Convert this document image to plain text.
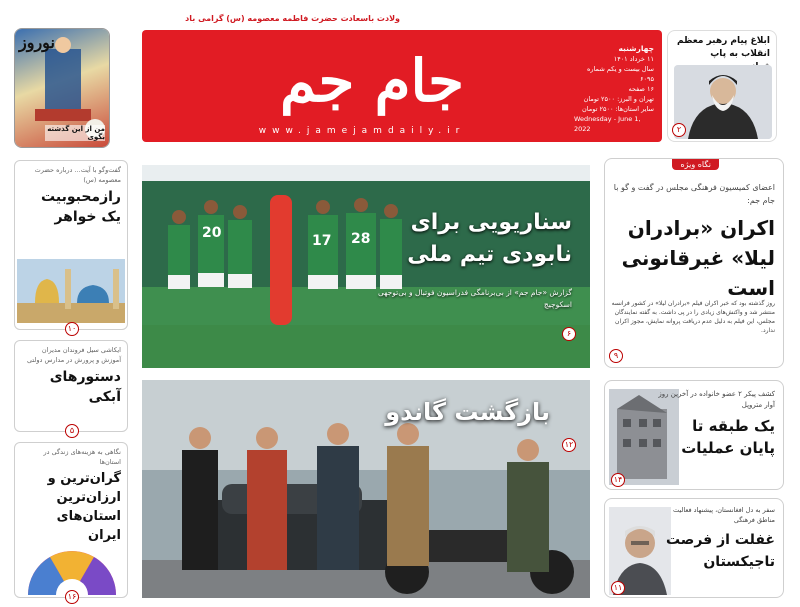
ولادت باسعادت حضرت فاطمه معصومه (س) گرامی باد
جام جم
www.jamejamdaily.ir
چهارشنبه
۱۱ خرداد ۱۴۰۱
سال بیست و یکم شماره ۶۰۹۵
۱۶ صفحه
تهران و البرز: ۲۵۰۰ تومان
سایر استان‌ها: ۲۵۰۰ تومان
Wednesday - June 1, 2022
ابلاغ پیام رهبر معظم انقلاب به پاپ
۲
نوروز
من از این گذشته بگوی
گفت‌وگو با آیت... درباره حضرت معصومه (س)
رازمحبوبیت یک خواهر
۱۰
ایکاشی سیل فروندان مدیران آموزش و پرورش در مدارس دولتی
دستورهای آبکی
۵
نگاهی به هزینه‌های زندگی در استان‌ها
گران‌ترین و ارزان‌ترین استان‌های ایران
۱۶
17 28
20	سناریویی برای نابودی تیم ملی
گزارش «جام جم» از بی‌برنامگی فدراسیون فوتبال و بی‌توجهی اسکوچیچ
۶
بازگشت گاندو
۱۲
نگاه ویژه
اعضای کمیسیون فرهنگی مجلس در گفت و گو با جام جم:
اکران «برادران لیلا» غیرقانونی است
روز گذشته بود که خبر اکران فیلم «برادران لیلا» در کشور فرانسه منتشر شد و واکنش‌های زیادی را در پی داشت. به گفته نمایندگان مجلس، این فیلم به دلیل عدم دریافت پروانه نمایش، مجوز اکران ندارد.
۹
کشف پیکر ۲ عضو خانواده در آخرین روز آوار متروپل
یک طبقه تا پایان عملیات
۱۴
سفر به دل افغانستان، پیشنهاد فعالیت مناطق فرهنگی
غفلت از فرصت تاجیکستان
۱۱
